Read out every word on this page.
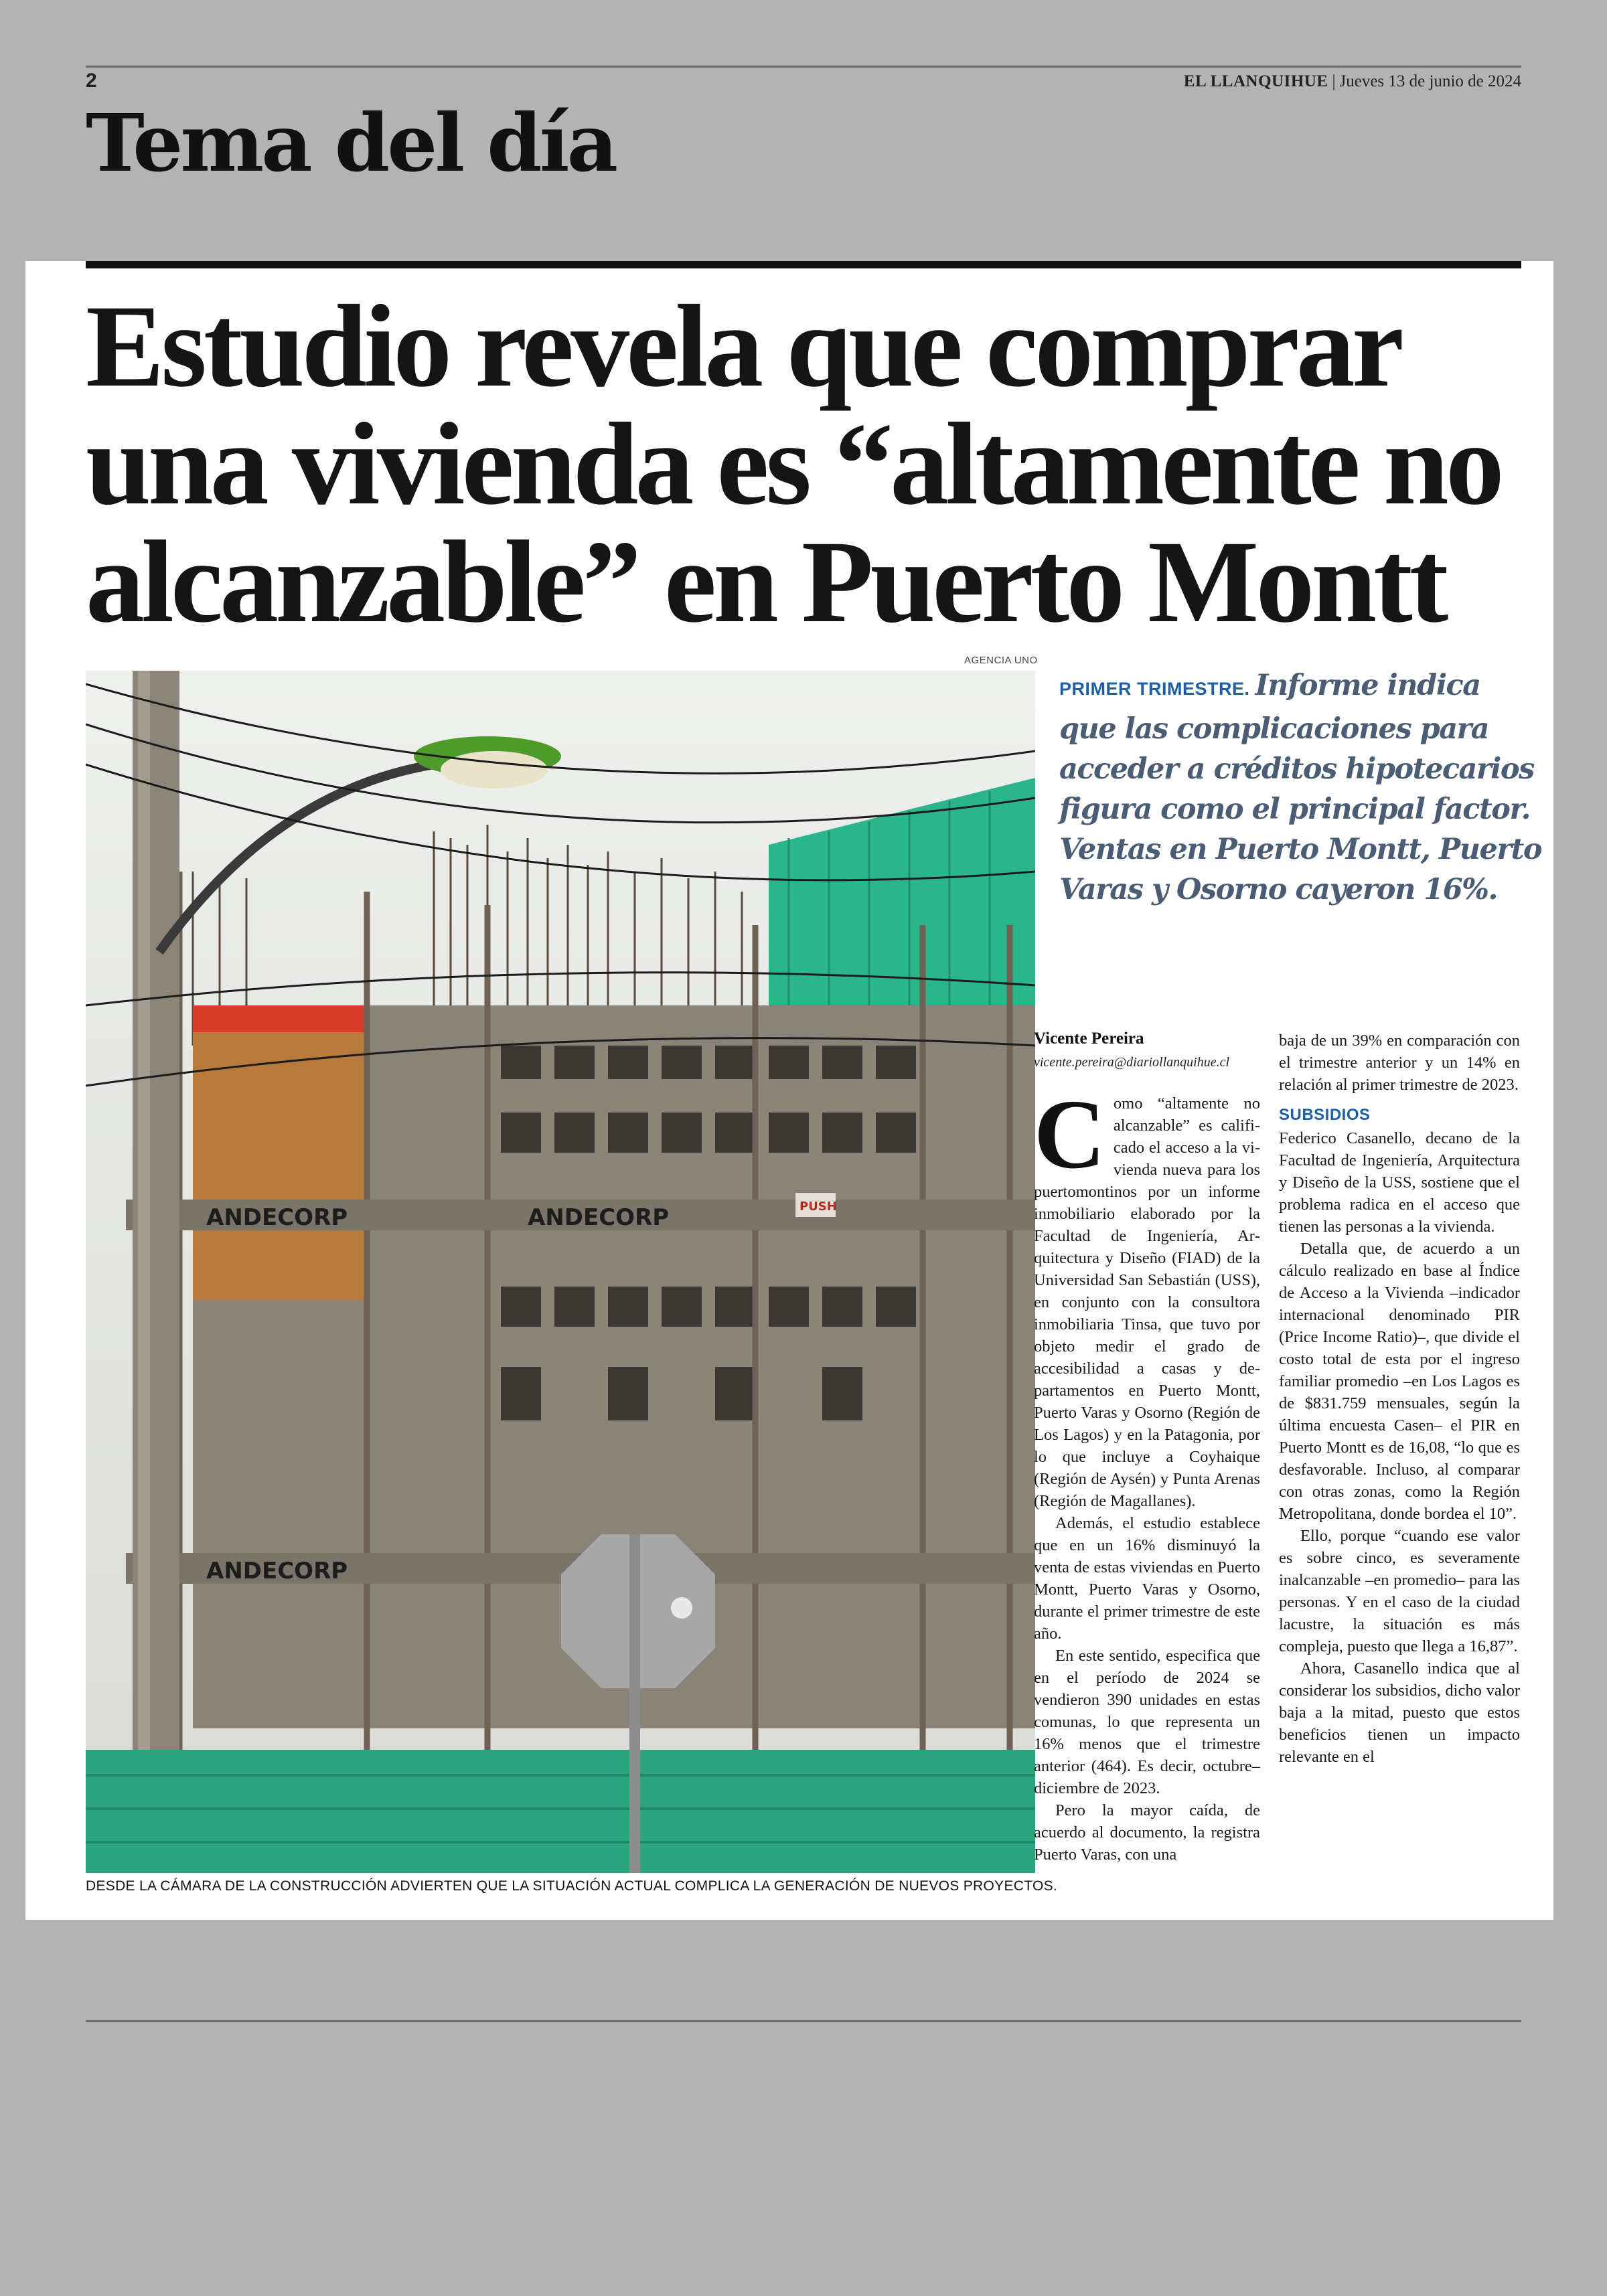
2	EL LLANQUIHUE | Jueves 13 de junio de 2024
Tema del día
Estudio revela que comprar
una vivienda es “altamente no
alcanzable” en Puerto Montt
AGENCIA UNO
ANDECORP	ANDECORP
ANDECORP
PUSH
DESDE LA CÁMARA DE LA CONSTRUCCIÓN ADVIERTEN QUE LA SITUACIÓN ACTUAL COMPLICA LA GENERACIÓN DE NUEVOS PROYECTOS.
PRIMER TRIMESTRE. Informe indica que las complicaciones para acceder a créditos hipotecarios figura como el principal factor. Ventas en Puerto Montt, Puerto Varas y Osorno cayeron 16%.
Vicente Pereira
vicente.pereira@diariollanquihue.cl

Como “altamente no alcanzable” es calificado el acceso a la vivienda nueva para los puertomontinos por un informe inmobiliario elaborado por la Facultad de Ingeniería, Arquitectura y Diseño (FIAD) de la Universidad San Sebastián (USS), en conjunto con la consultora inmobiliaria Tinsa, que tuvo por objeto medir el grado de accesibilidad a casas y departamentos en Puerto Montt, Puerto Varas y Osorno (Región de Los Lagos) y en la Patagonia, por lo que incluye a Coyhaique (Región de Aysén) y Punta Arenas (Región de Magallanes).

Además, el estudio establece que en un 16% disminuyó la venta de estas viviendas en Puerto Montt, Puerto Varas y Osorno, durante el primer trimestre de este año.

En este sentido, especifica que en el período de 2024 se vendieron 390 unidades en estas comunas, lo que representa un 16% menos que el trimestre anterior (464). Es decir, octubre–diciembre de 2023.

Pero la mayor caída, de acuerdo al documento, la registra Puerto Varas, con una

baja de un 39% en comparación con el trimestre anterior y un 14% en relación al primer trimestre de 2023.

SUBSIDIOS

Federico Casanello, decano de la Facultad de Ingeniería, Arquitectura y Diseño de la USS, sostiene que el problema radica en el acceso que tienen las personas a la vivienda.

Detalla que, de acuerdo a un cálculo realizado en base al Índice de Acceso a la Vivienda –indicador internacional denominado PIR (Price Income Ratio)–, que divide el costo total de esta por el ingreso familiar promedio –en Los Lagos es de $831.759 mensuales, según la última encuesta Casen– el PIR en Puerto Montt es de 16,08, “lo que es desfavorable. Incluso, al comparar con otras zonas, como la Región Metropolitana, donde bordea el 10”.

Ello, porque “cuando ese valor es sobre cinco, es severamente inalcanzable –en promedio– para las personas. Y en el caso de la ciudad lacustre, la situación es más compleja, puesto que llega a 16,87”.

Ahora, Casanello indica que al considerar los subsidios, dicho valor baja a la mitad, puesto que estos beneficios tienen un impacto relevante en el
